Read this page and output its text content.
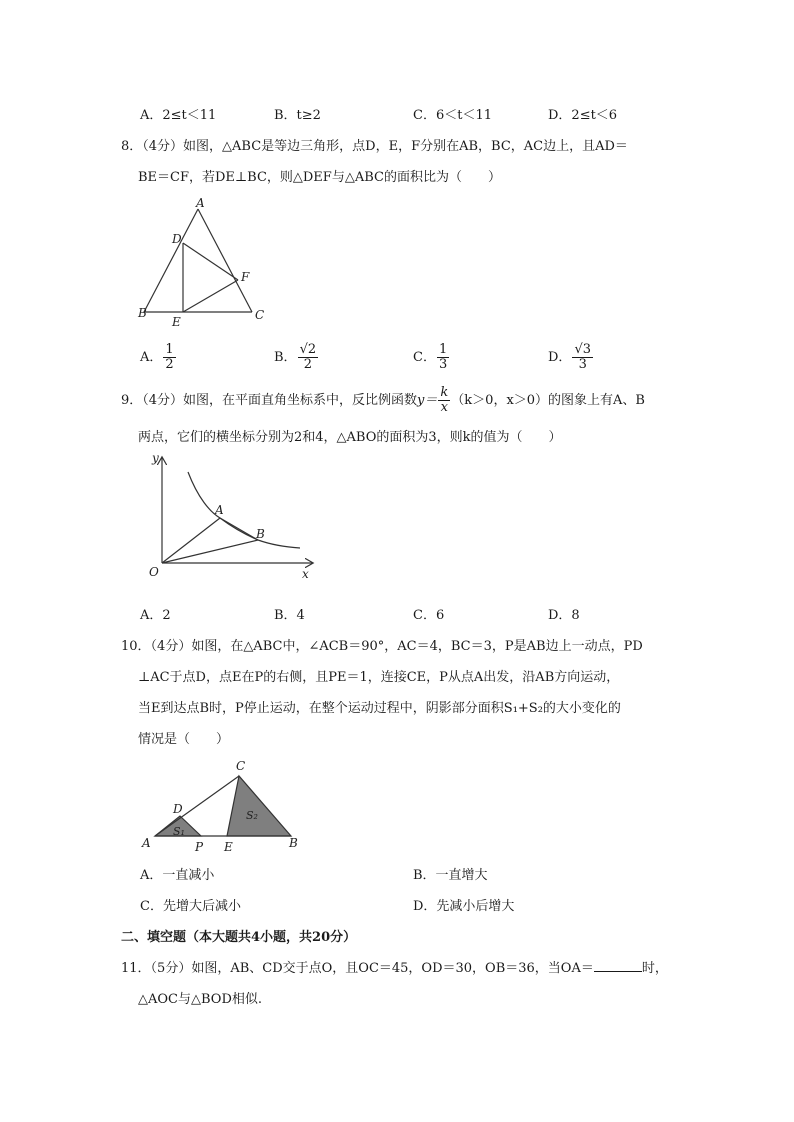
A．2≤t＜11	B．t≥2	C．6＜t＜11	D．2≤t＜6
8．（4分）如图，△ABC是等边三角形，点D，E，F分别在AB，BC，AC边上，且AD＝
BE＝CF，若DE⊥BC，则△DEF与△ABC的面积比为（　　）
A
D
F
B	C
E
A． $\frac{1}{2}$	B． $\frac{√2}{2}$	C． $\frac{1}{3}$	D． $\frac{√3}{3}$
9．（4分）如图，在平面直角坐标系中，反比例函数$y= \frac{k}{x} (k>0$，x＞0）的图象上有A、B
两点，它们的横坐标分别为2和4，△ABO的面积为3，则k的值为（　　）
y
x
O
A
B
A．2	B．4	C．6	D．8
10．（4分）如图，在△ABC中，∠ACB＝90°，AC＝4，BC＝3，P是AB边上一动点，PD
⊥AC于点D，点E在P的右侧，且PE＝1，连接CE，P从点A出发，沿AB方向运动，
当E到达点B时，P停止运动，在整个运动过程中，阴影部分面积S₁+S₂的大小变化的
情况是（　　）
C
D
A	P E	B
S₁
S₂
A．一直减小	B．一直增大
C．先增大后减小	D．先减小后增大
二、填空题（本大题共4小题，共20分）
11．（5分）如图，AB、CD交于点O，且OC＝45，OD＝30，OB＝36，当OA＝	时，
△AOC与△BOD相似.
